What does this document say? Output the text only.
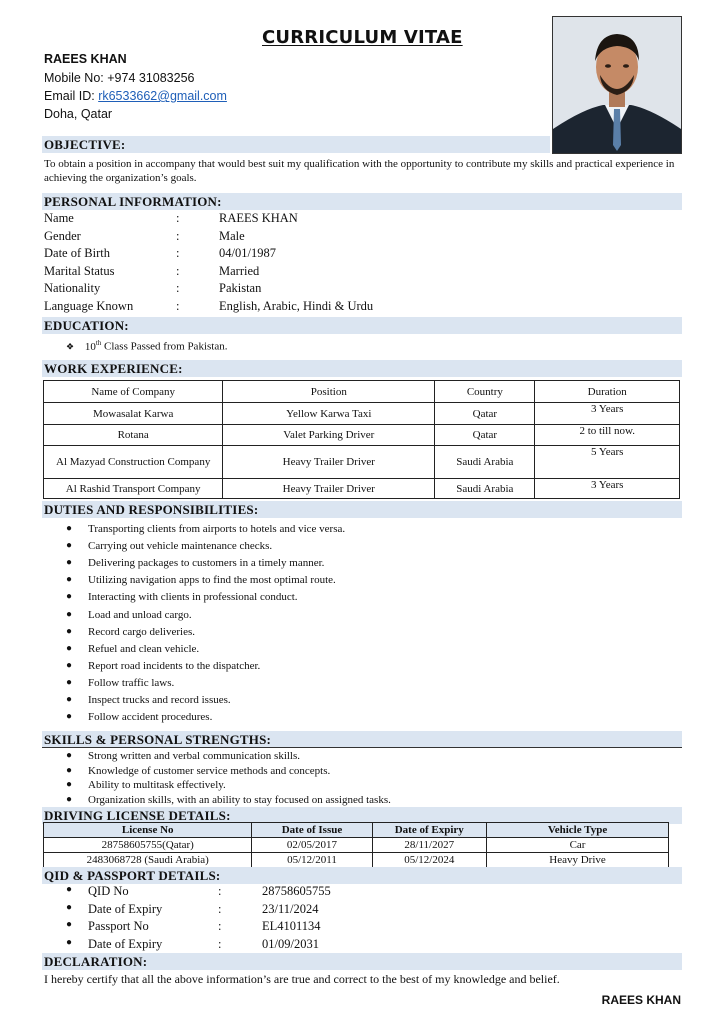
CURRICULUM VITAE
RAEES KHAN
Mobile No: +974 31083256
Email ID: rk6533662@gmail.com
Doha, Qatar
OBJECTIVE:
To obtain a position in accompany that would best suit my qualification with the opportunity to contribute my skills and practical experience in achieving the organization’s goals.
PERSONAL INFORMATION:
Name	:	RAEES KHAN
Gender	:	Male
Date of Birth	:	04/01/1987
Marital Status	:	Married
Nationality	:	Pakistan
Language Known	:	English, Arabic, Hindi & Urdu
EDUCATION:
❖ 10th Class Passed from Pakistan.
WORK EXPERIENCE:
Name of Company	Position	Country	Duration
Mowasalat Karwa	Yellow Karwa Taxi	Qatar	3 Years
Rotana	Valet Parking Driver	Qatar	2 to till now.
Al Mazyad Construction Company	Heavy Trailer Driver	Saudi Arabia	5 Years
Al Rashid Transport Company	Heavy Trailer Driver	Saudi Arabia	3 Years
DUTIES AND RESPONSIBILITIES:
● Transporting clients from airports to hotels and vice versa.
● Carrying out vehicle maintenance checks.
● Delivering packages to customers in a timely manner.
● Utilizing navigation apps to find the most optimal route.
● Interacting with clients in professional conduct.
● Load and unload cargo.
● Record cargo deliveries.
● Refuel and clean vehicle.
● Report road incidents to the dispatcher.
● Follow traffic laws.
● Inspect trucks and record issues.
● Follow accident procedures.
SKILLS & PERSONAL STRENGTHS:
● Strong written and verbal communication skills.
● Knowledge of customer service methods and concepts.
● Ability to multitask effectively.
● Organization skills, with an ability to stay focused on assigned tasks.
DRIVING LICENSE DETAILS:
License No	Date of Issue	Date of Expiry	Vehicle Type
28758605755(Qatar)	02/05/2017	28/11/2027	Car
2483068728 (Saudi Arabia)	05/12/2011	05/12/2024	Heavy Drive
QID & PASSPORT DETAILS:
● QID No	:	28758605755
● Date of Expiry	:	23/11/2024
● Passport No	:	EL4101134
● Date of Expiry	:	01/09/2031
DECLARATION:
I hereby certify that all the above information’s are true and correct to the best of my knowledge and belief.
RAEES KHAN
